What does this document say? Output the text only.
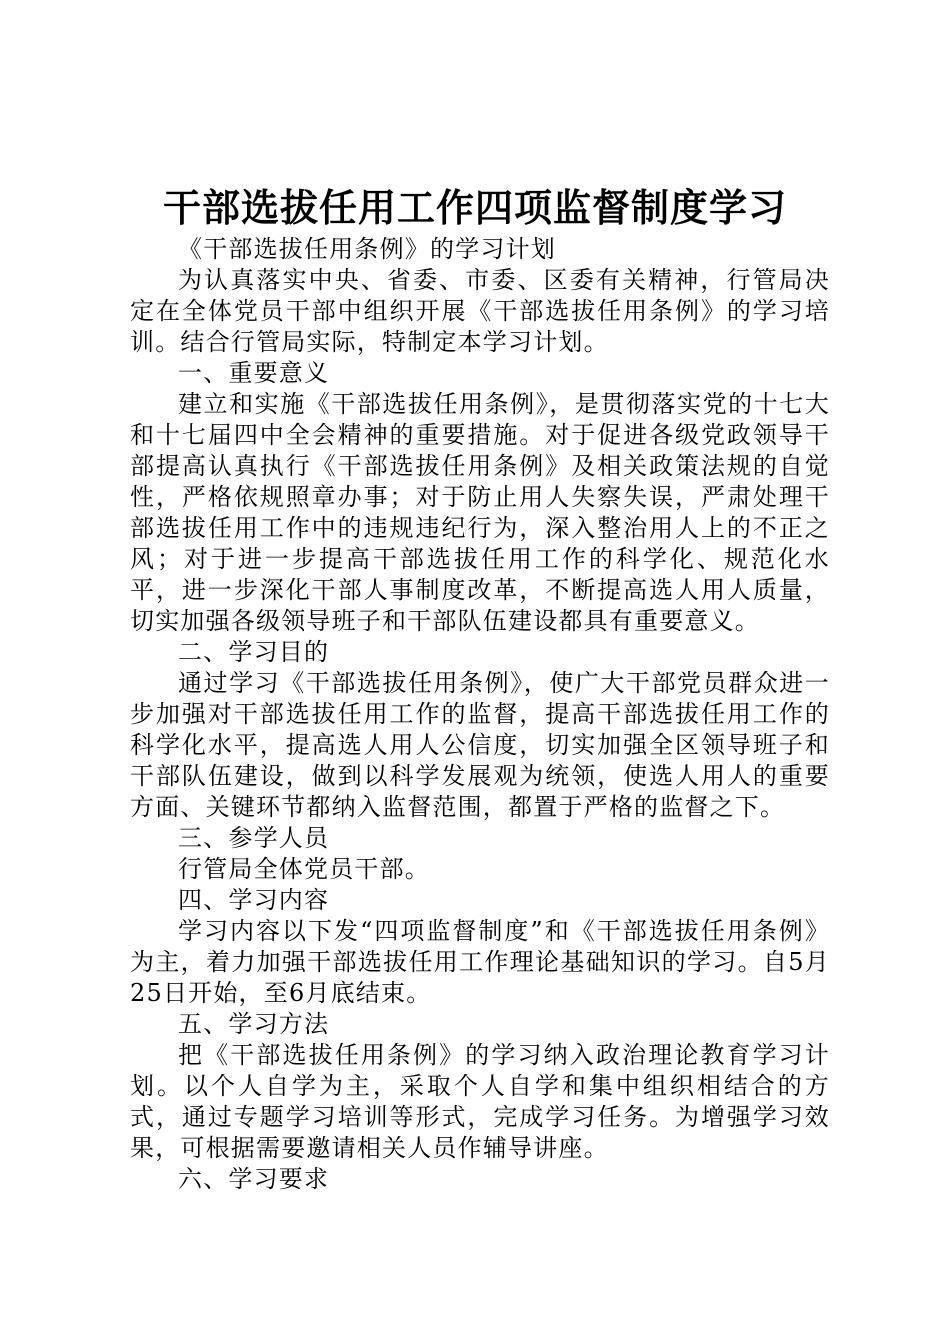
干部选拔任用工作四项监督制度学习

《干部选拔任用条例》的学习计划

为认真落实中央、省委、市委、区委有关精神，行管局决定在全体党员干部中组织开展《干部选拔任用条例》的学习培训。结合行管局实际，特制定本学习计划。

一、重要意义

建立和实施《干部选拔任用条例》，是贯彻落实党的十七大和十七届四中全会精神的重要措施。对于促进各级党政领导干部提高认真执行《干部选拔任用条例》及相关政策法规的自觉性，严格依规照章办事；对于防止用人失察失误，严肃处理干部选拔任用工作中的违规违纪行为，深入整治用人上的不正之风；对于进一步提高干部选拔任用工作的科学化、规范化水平，进一步深化干部人事制度改革，不断提高选人用人质量，切实加强各级领导班子和干部队伍建设都具有重要意义。

二、学习目的

通过学习《干部选拔任用条例》，使广大干部党员群众进一步加强对干部选拔任用工作的监督，提高干部选拔任用工作的科学化水平，提高选人用人公信度，切实加强全区领导班子和干部队伍建设，做到以科学发展观为统领，使选人用人的重要方面、关键环节都纳入监督范围，都置于严格的监督之下。

三、参学人员

行管局全体党员干部。

四、学习内容

学习内容以下发“四项监督制度”和《干部选拔任用条例》为主，着力加强干部选拔任用工作理论基础知识的学习。自5月25日开始，至6月底结束。

五、学习方法

把《干部选拔任用条例》的学习纳入政治理论教育学习计划。以个人自学为主，采取个人自学和集中组织相结合的方式，通过专题学习培训等形式，完成学习任务。为增强学习效果，可根据需要邀请相关人员作辅导讲座。

六、学习要求
